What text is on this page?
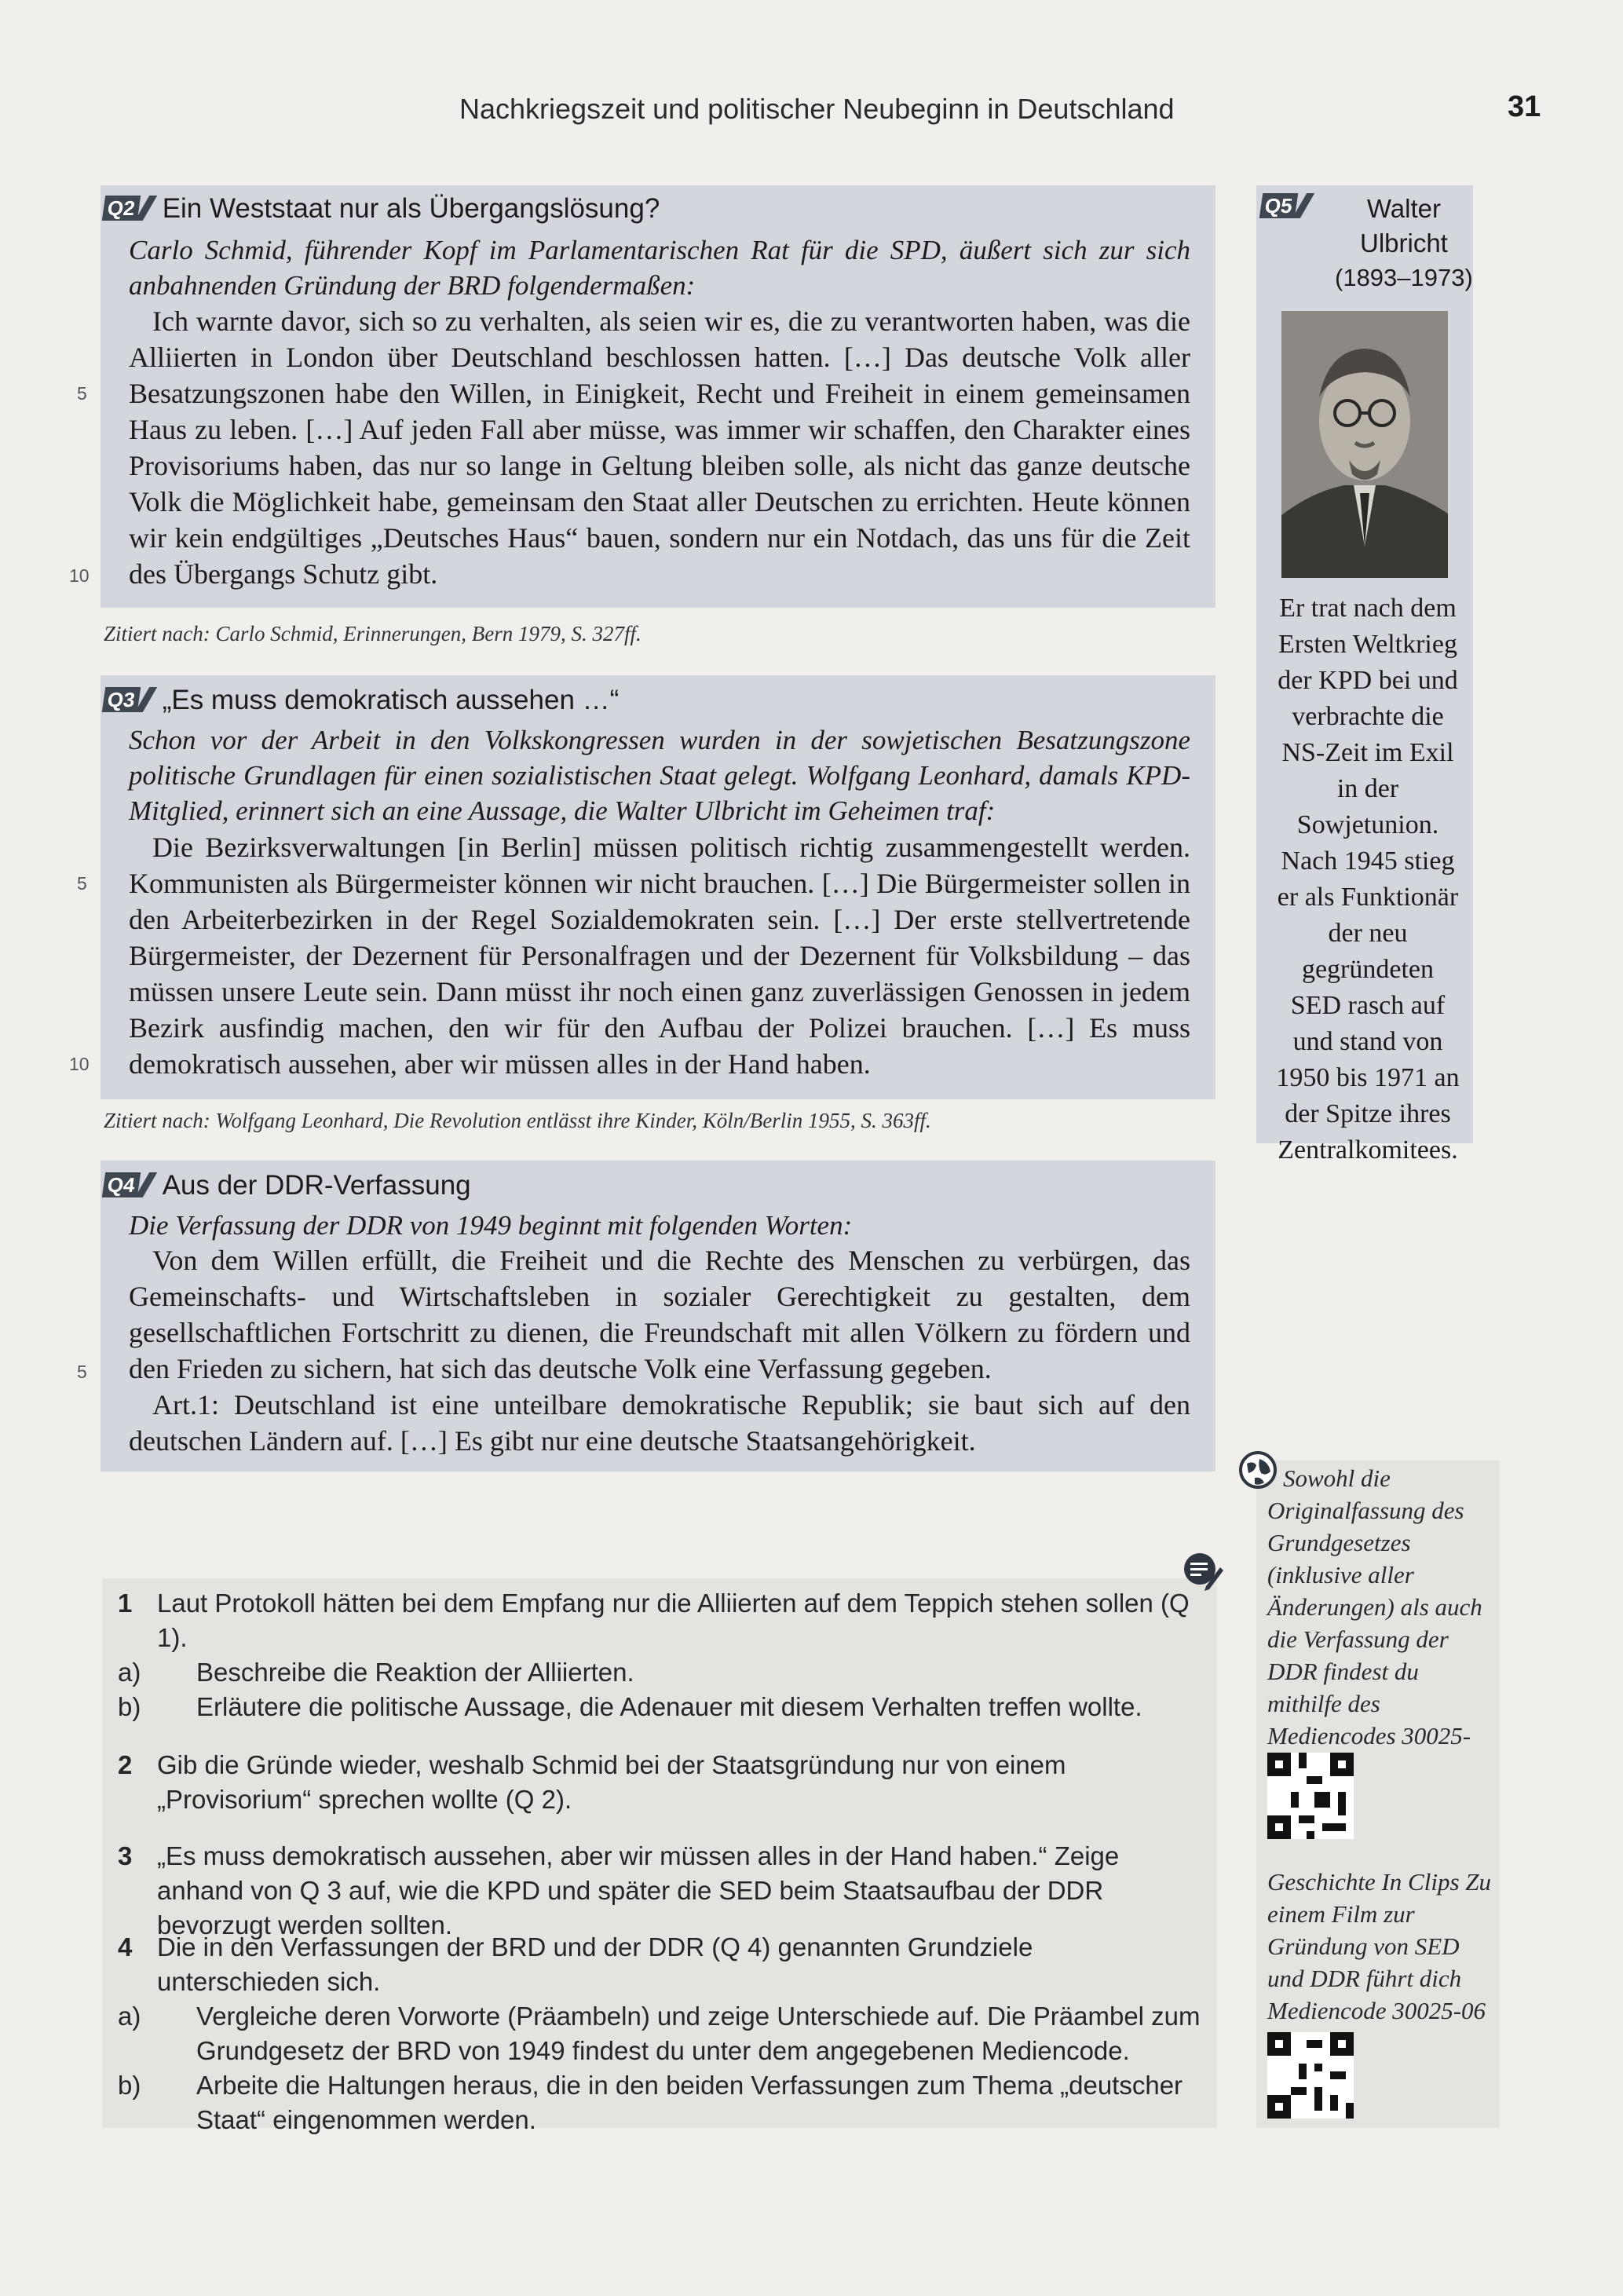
Nachkriegszeit und politischer Neubeginn in Deutschland	31
Q2 Ein Weststaat nur als Übergangslösung?
Carlo Schmid, führender Kopf im Parlamentarischen Rat für die SPD, äußert sich zur sich anbahnenden Gründung der BRD folgendermaßen:

Ich warnte davor, sich so zu verhalten, als seien wir es, die zu verantworten haben, was die Alliierten in London über Deutschland beschlossen hatten. […] Das deutsche Volk aller Besatzungszonen habe den Willen, in Einigkeit, Recht und Freiheit in einem gemeinsamen Haus zu leben. […] Auf jeden Fall aber müsse, was immer wir schaffen, den Charakter eines Provisoriums haben, das nur so lange in Geltung bleiben solle, als nicht das ganze deutsche Volk die Möglichkeit habe, gemeinsam den Staat aller Deutschen zu errichten. Heute können wir kein endgültiges „Deutsches Haus“ bauen, sondern nur ein Notdach, das uns für die Zeit des Übergangs Schutz gibt.

5
10
Zitiert nach: Carlo Schmid, Erinnerungen, Bern 1979, S. 327ff.
Q3 „Es muss demokratisch aussehen …“
Schon vor der Arbeit in den Volkskongressen wurden in der sowjetischen Besatzungszone politische Grundlagen für einen sozialistischen Staat gelegt. Wolfgang Leonhard, damals KPD-Mitglied, erinnert sich an eine Aussage, die Walter Ulbricht im Geheimen traf:

Die Bezirksverwaltungen [in Berlin] müssen politisch richtig zusammengestellt werden. Kommunisten als Bürgermeister können wir nicht brauchen. […] Die Bürgermeister sollen in den Arbeiterbezirken in der Regel Sozialdemokraten sein. […] Der erste stellvertretende Bürgermeister, der Dezernent für Personalfragen und der Dezernent für Volksbildung – das müssen unsere Leute sein. Dann müsst ihr noch einen ganz zuverlässigen Genossen in jedem Bezirk ausfindig machen, den wir für den Aufbau der Polizei brauchen. […] Es muss demokratisch aussehen, aber wir müssen alles in der Hand haben.

5
10
Zitiert nach: Wolfgang Leonhard, Die Revolution entlässt ihre Kinder, Köln/Berlin 1955, S. 363ff.
Q4 Aus der DDR-Verfassung
Die Verfassung der DDR von 1949 beginnt mit folgenden Worten:

Von dem Willen erfüllt, die Freiheit und die Rechte des Menschen zu verbürgen, das Gemeinschafts- und Wirtschaftsleben in sozialer Gerechtigkeit zu gestalten, dem gesellschaftlichen Fortschritt zu dienen, die Freundschaft mit allen Völkern zu fördern und den Frieden zu sichern, hat sich das deutsche Volk eine Verfassung gegeben.

Art.1: Deutschland ist eine unteilbare demokratische Republik; sie baut sich auf den deutschen Ländern auf. […] Es gibt nur eine deutsche Staatsangehörigkeit.

5
Q5	Walter
Ulbricht
(1893–1973)
Er trat nach dem Ersten Weltkrieg der KPD bei und verbrachte die NS-Zeit im Exil in der Sowjetunion. Nach 1945 stieg er als Funktionär der neu gegründeten SED rasch auf und stand von 1950 bis 1971 an der Spitze ihres Zentralkomitees.
1 Laut Protokoll hätten bei dem Empfang nur die Alliierten auf dem Teppich stehen sollen (Q 1).
a)	Beschreibe die Reaktion der Alliierten.
b)	Erläutere die politische Aussage, die Adenauer mit diesem Verhalten treffen wollte.
2 Gib die Gründe wieder, weshalb Schmid bei der Staatsgründung nur von einem „Provisorium“ sprechen wollte (Q 2).
3 „Es muss demokratisch aussehen, aber wir müssen alles in der Hand haben.“ Zeige anhand von Q 3 auf, wie die KPD und später die SED beim Staatsaufbau der DDR bevorzugt werden sollten.
4 Die in den Verfassungen der BRD und der DDR (Q 4) genannten Grundziele unterschieden sich.
a)	Vergleiche deren Vorworte (Präambeln) und zeige Unterschiede auf. Die Präambel zum Grundgesetz der BRD von 1949 findest du unter dem angegebenen Mediencode.
b)	Arbeite die Haltungen heraus, die in den beiden Verfassungen zum Thema „deutscher Staat“ eingenommen werden.
Sowohl die Originalfassung des Grundgesetzes (inklusive aller Änderungen) als auch die Verfassung der DDR findest du mithilfe des Mediencodes 30025-
Geschichte In Clips Zu einem Film zur Gründung von SED und DDR führt dich Mediencode 30025-06
